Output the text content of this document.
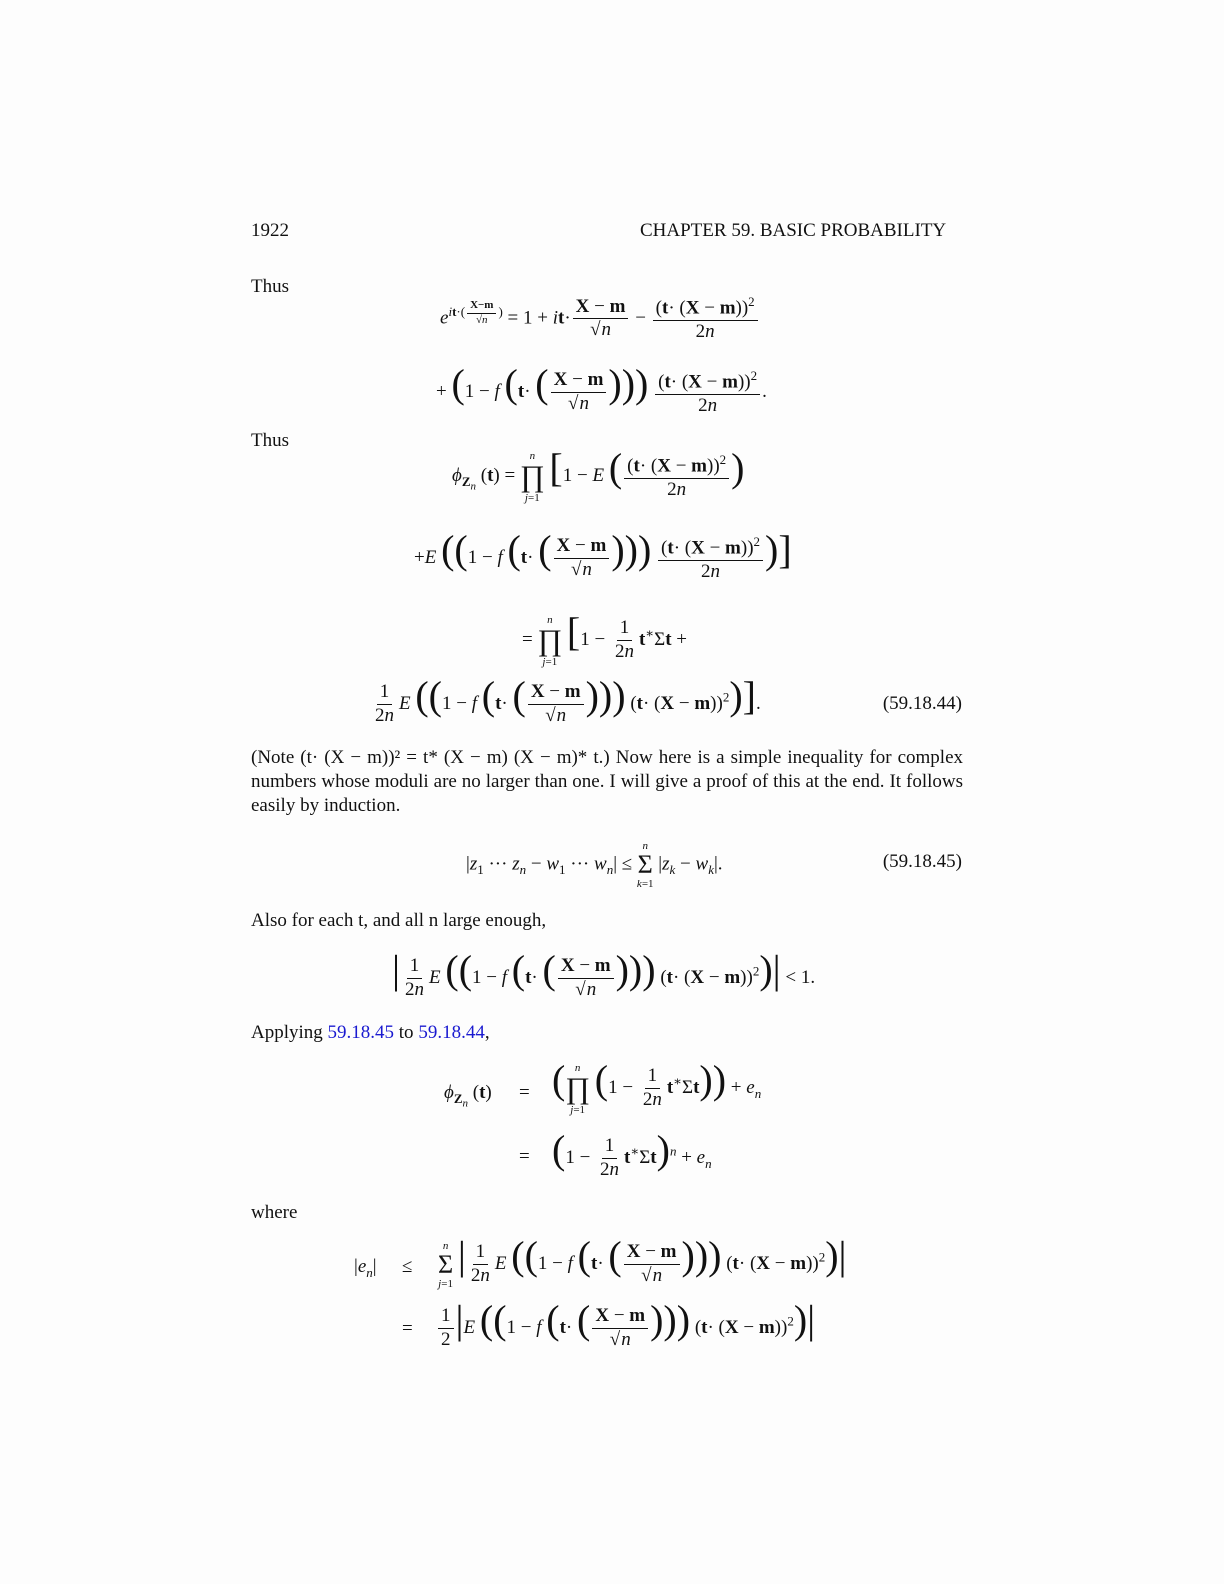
1922	CHAPTER 59. BASIC PROBABILITY
Thus
$e^{it\cdot( \frac{X-m}{√n} )} = 1 + it\cdot \frac{X - m}{√n} - \frac{(t\cdot (X - m))^2}{2n}$
+ (1 − f (t· ( $\frac{X - m}{√n}$ ))) $\frac{(t\cdot (X - m))^2}{2n}$ .
Thus
$\phi_{Z_n}$ (t) =
n
∏
j=1
[1 − E ( $\frac{(t\cdot (X - m))^2}{2n}$ )
+E ((1 − f (t· ( $\frac{X - m}{√n}$ ))) $\frac{(t\cdot (X - m))^2}{2n}$ )]
=
n
∏
j=1
[$1 - \frac{1}{2n} t^∗\Sigma t$ +
$\frac{1}{2n}$ E ((1 − f (t· ( $\frac{X - m}{√n}$ ))) $(t\cdot (X - m))^2$)].	(59.18.44)
(Note (t· (X − m))² = t* (X − m) (X − m)* t.) Now here is a simple inequality for complex numbers whose moduli are no larger than one. I will give a proof of this at the end. It follows easily by induction.
$|z_1$ ··· $z_n - w_1$ ··· $w_n|$ ≤
n
Σ
k=1
$|z_k - w_k|$.	(59.18.45)
Also for each t, and all n large enough,
| $\frac{1}{2n}$ E ((1 − f (t· ( $\frac{X - m}{√n}$ ))) $(t\cdot (X - m))^2)| < 1$.
Applying 59.18.45 to 59.18.44,
$\phi_{Z_n}$ (t) = ( n
∏
j=1
$(1 - \frac{1}{2n} t^∗\Sigma t)) + e_n$
= $(1 - \frac{1}{2n} t^∗\Sigma t)^n + e_n$
where
$|e_n|$ ≤
n
Σ
j=1
| $\frac{1}{2n}$ E ((1 − f (t· ( $\frac{X - m}{√n}$ ))) $(t\cdot (X - m))^2)|$
= $\frac{1}{2} |E$ ((1 − f (t· ( $\frac{X - m}{√n}$ ))) $(t\cdot (X - m))^2)|$
